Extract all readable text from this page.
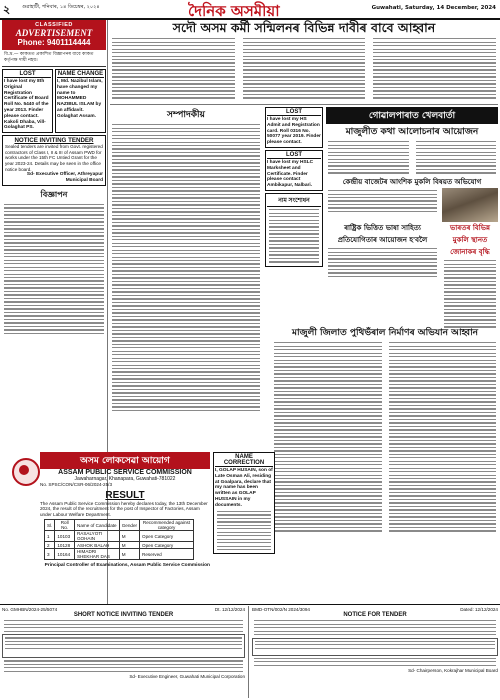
২ গুৱাহাটী, শনিবাৰ, ১৪ ডিচেম্বৰ, ২০২৪	দৈনিক অসমীয়া	Guwahati, Saturday, 14 December, 2024
CLASSIFIED
ADVERTISEMENT
Phone: 9401114444
বি.দ্ৰ.— কাকতত প্ৰকাশিত বিজ্ঞাপনৰ বাবে কাকত কৰ্তৃপক্ষ দায়ী নহয়।
LOST
I have lost my 8th Original Registration Certificate of Board Roll No. 5440 of the year 2013. Finder please contact. Kakoli Dhaba, Vill- Golaghat PS.
NAME CHANGE
I, Md. Nazibul Islam, have changed my name to MOHAMMED NAZIBUL ISLAM by an affidavit. Golaghat Assam.
NOTICE INVITING TENDER
Sealed tenders are invited from Govt. registered contractors of Class I, II & III of Assam PWD for works under the 15th FC Untied Grant for the year 2023-24. Details may be seen in the office notice board.
Sd- Executive Officer, Athreyapur Municipal Board
বিজ্ঞাপন
সদৌ অসম কৰ্মী সন্মিলনৰ বিভিন্ন দাবীৰ বাবে আহ্বান
সম্পাদকীয়	LOST
I have lost my HS Admit and Registration card. Roll 0316 No. 50077 year 2019. Finder please contact.
LOST
I have lost my HSLC Marksheet and Certificate. Finder please contact Ambikapur, Nalbari.
নাম সংশোধন
গোৱালপাৰাত খেলবাৰ্তা
মাজুলীত কথা আলোচনাৰ আয়োজন
কেন্দ্ৰীয় বাজেটৰ আংশিক মুকলি বিষয়ত অভিযোগ
ৰাষ্ট্ৰিক ভিত্তিত ভাষা সাহিত্য প্ৰতিযোগিতাৰ আয়োজন হ'বলৈ
ভাৰতৰ বিভিন্ন মুকলি স্থানত জোনাকৰ বৃদ্ধি
মাজুলী জিলাত পুথিভঁৰাল নিৰ্মাণৰ অভিযান আহ্বান
অসম লোকসেৱা আয়োগ
ASSAM PUBLIC SERVICE COMMISSION
Jawaharnagar, Khanapara, Guwahati-781022
No. SPSC/CON/CSR-06/2024-25/3
RESULT
The Assam Public Service Commission hereby declares today, the 13th December 2024, the result of the recruitment for the post of Inspector of Factories, Assam under Labour Welfare Department.
Sl.	Roll No.	Name of Candidate	Gender	Recommended against category
1	10103	RASALYOTI GOHAIN	M	Open Category
2	10128	ASHOK BALAH	M	Open Category
3	10164	HIMADRI SHEKHAR DAS	M	Reserved
Principal Controller of Examinations, Assam Public Service Commission
NAME CORRECTION
I, GOLAP HUSAIN, son of Late Osman Ali, residing at Goalpara, declare that my name has been written as GOLAP HUSSAIN in my documents.
No. GMHBN/2024-25/5074	Dt. 12/12/2024
SHORT NOTICE INVITING TENDER
Sd- Executive Engineer, Guwahati Municipal Corporation
BMD-OTN/002/N 2024/3094	Dated: 12/12/2024
NOTICE FOR TENDER
Sd- Chairperson, Kokrajhar Municipal Board
